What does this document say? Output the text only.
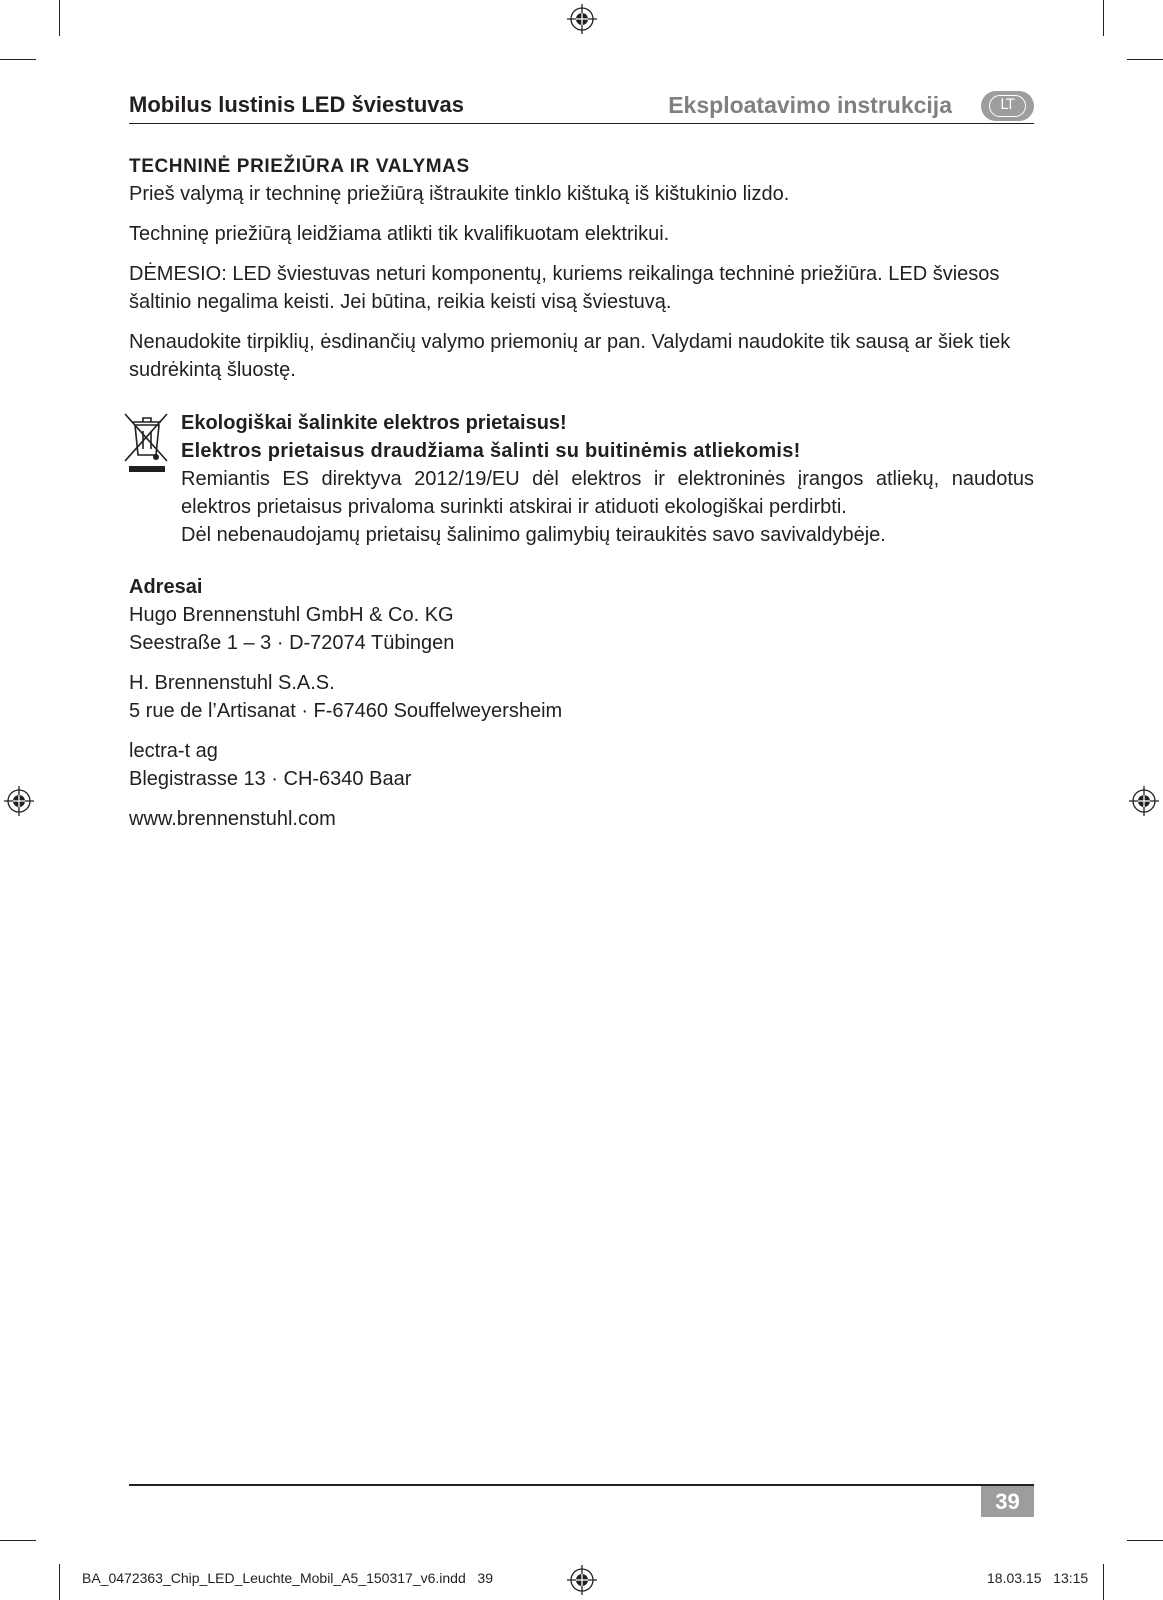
Mobilus lustinis LED šviestuvas	Eksploatavimo instrukcija	LT
TECHNINĖ PRIEŽIŪRA IR VALYMAS

Prieš valymą ir techninę priežiūrą ištraukite tinklo kištuką iš kištukinio lizdo.

Techninę priežiūrą leidžiama atlikti tik kvalifikuotam elektrikui.

DĖMESIO: LED šviestuvas neturi komponentų, kuriems reikalinga techninė priežiūra. LED šviesos šaltinio negalima keisti. Jei būtina, reikia keisti visą šviestuvą.

Nenaudokite tirpiklių, ėsdinančių valymo priemonių ar pan. Valydami naudokite tik sausą ar šiek tiek sudrėkintą šluostę.

Ekologiškai šalinkite elektros prietaisus!
Elektros prietaisus draudžiama šalinti su buitinėmis atliekomis!
Remiantis ES direktyva 2012/19/EU dėl elektros ir elektroninės įrangos atliekų, naudotus elektros prietaisus privaloma surinkti atskirai ir atiduoti ekologiškai perdirbti.
Dėl nebenaudojamų prietaisų šalinimo galimybių teiraukitės savo savivaldybėje.
Adresai
Hugo Brennenstuhl GmbH & Co. KG
Seestraße 1 – 3 · D-72074 Tübingen
H. Brennenstuhl S.A.S.
5 rue de l’Artisanat · F-67460 Souffelweyersheim
lectra-t ag
Blegistrasse 13 · CH-6340 Baar
www.brennenstuhl.com
39
BA_0472363_Chip_LED_Leuchte_Mobil_A5_150317_v6.indd   39	18.03.15   13:15
